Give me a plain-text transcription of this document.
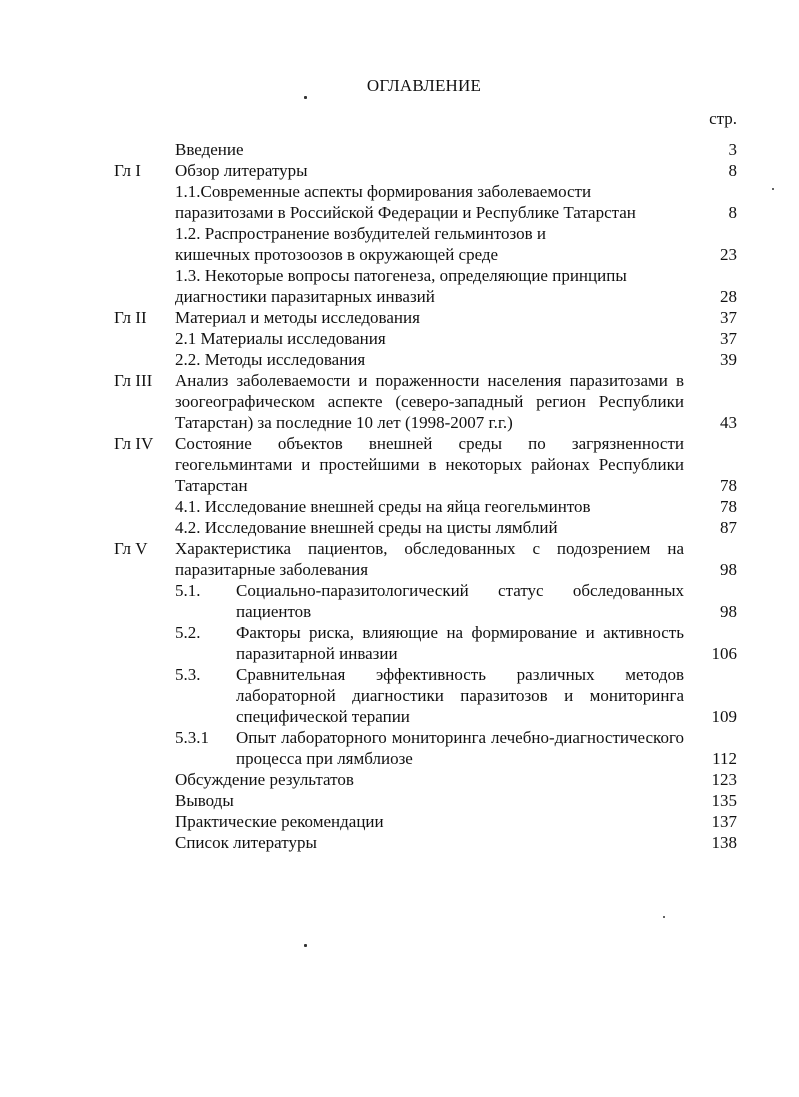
ОГЛАВЛЕНИЕ
стр.
Введение	3
Гл I Обзор литературы	8
1.1.Современные аспекты формирования заболеваемости паразитозами в Российской Федерации и Республике Татарстан	8
1.2. Распространение возбудителей гельминтозов и кишечных протозоозов в окружающей среде	23
1.3. Некоторые вопросы патогенеза, определяющие принципы диагностики паразитарных инвазий	28
Гл II Материал и методы исследования	37
2.1 Материалы исследования	37
2.2. Методы исследования	39
Гл III Анализ заболеваемости и пораженности населения паразитозами в зоогеографическом аспекте (северо-западный регион Республики Татарстан) за последние 10 лет (1998-2007 г.г.)	43
Гл IV Состояние объектов внешней среды по загрязненности геогельминтами и простейшими в некоторых районах Республики Татарстан	78
4.1. Исследование внешней среды на яйца геогельминтов	78
4.2. Исследование внешней среды на цисты лямблий	87
Гл V Характеристика пациентов, обследованных с подозрением на паразитарные заболевания	98
5.1. Социально-паразитологический статус обследованных пациентов	98
5.2. Факторы риска, влияющие на формирование и активность паразитарной инвазии	106
5.3. Сравнительная эффективность различных методов лабораторной диагностики паразитозов и мониторинга специфической терапии	109
5.3.1 Опыт лабораторного мониторинга лечебно-диагностического процесса при лямблиозе	112
Обсуждение результатов	123
Выводы	135
Практические рекомендации	137
Список литературы	138
